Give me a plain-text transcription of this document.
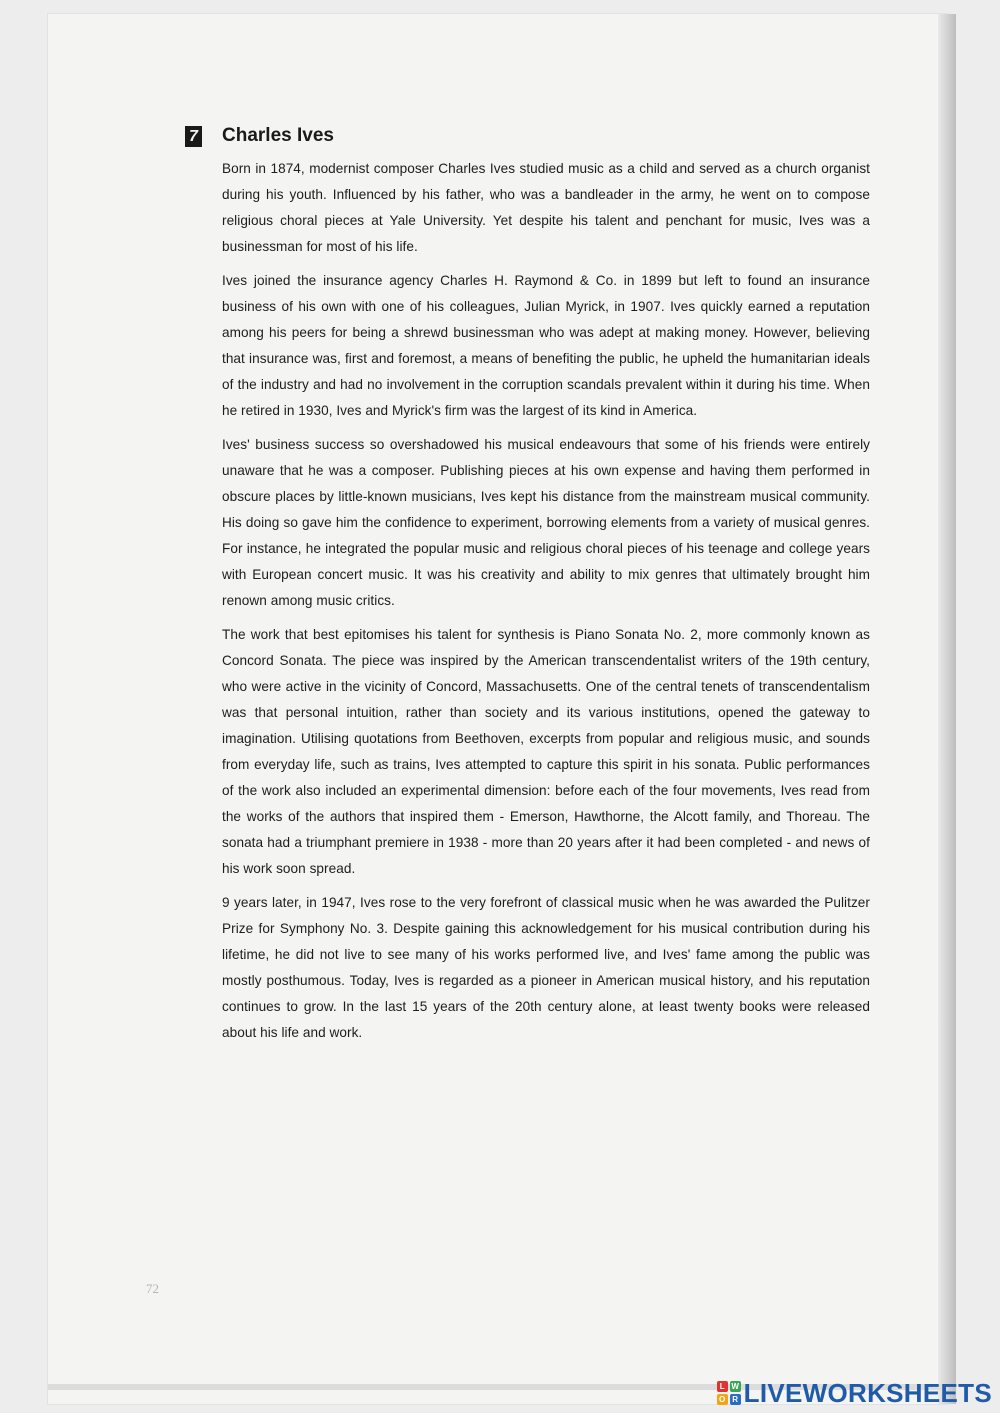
7 Charles Ives

Born in 1874, modernist composer Charles Ives studied music as a child and served as a church organist during his youth. Influenced by his father, who was a bandleader in the army, he went on to compose religious choral pieces at Yale University. Yet despite his talent and penchant for music, Ives was a businessman for most of his life.

Ives joined the insurance agency Charles H. Raymond & Co. in 1899 but left to found an insurance business of his own with one of his colleagues, Julian Myrick, in 1907. Ives quickly earned a reputation among his peers for being a shrewd businessman who was adept at making money. However, believing that insurance was, first and foremost, a means of benefiting the public, he upheld the humanitarian ideals of the industry and had no involvement in the corruption scandals prevalent within it during his time. When he retired in 1930, Ives and Myrick's firm was the largest of its kind in America.

Ives' business success so overshadowed his musical endeavours that some of his friends were entirely unaware that he was a composer. Publishing pieces at his own expense and having them performed in obscure places by little-known musicians, Ives kept his distance from the mainstream musical community. His doing so gave him the confidence to experiment, borrowing elements from a variety of musical genres. For instance, he integrated the popular music and religious choral pieces of his teenage and college years with European concert music. It was his creativity and ability to mix genres that ultimately brought him renown among music critics.

The work that best epitomises his talent for synthesis is Piano Sonata No. 2, more commonly known as Concord Sonata. The piece was inspired by the American transcendentalist writers of the 19th century, who were active in the vicinity of Concord, Massachusetts. One of the central tenets of transcendentalism was that personal intuition, rather than society and its various institutions, opened the gateway to imagination. Utilising quotations from Beethoven, excerpts from popular and religious music, and sounds from everyday life, such as trains, Ives attempted to capture this spirit in his sonata. Public performances of the work also included an experimental dimension: before each of the four movements, Ives read from the works of the authors that inspired them - Emerson, Hawthorne, the Alcott family, and Thoreau. The sonata had a triumphant premiere in 1938 - more than 20 years after it had been completed - and news of his work soon spread.

9 years later, in 1947, Ives rose to the very forefront of classical music when he was awarded the Pulitzer Prize for Symphony No. 3. Despite gaining this acknowledgement for his musical contribution during his lifetime, he did not live to see many of his works performed live, and Ives' fame among the public was mostly posthumous. Today, Ives is regarded as a pioneer in American musical history, and his reputation continues to grow. In the last 15 years of the 20th century alone, at least twenty books were released about his life and work.

72
L W
O R LIVEWORKSHEETS
